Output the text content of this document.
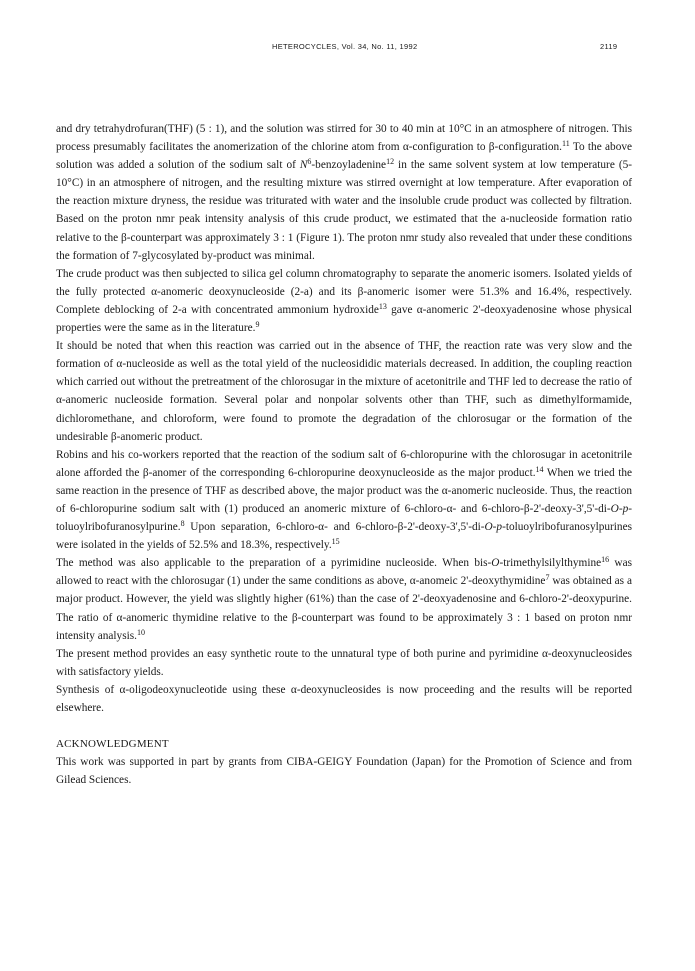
HETEROCYCLES, Vol. 34, No. 11, 1992	2119

and dry tetrahydrofuran(THF) (5 : 1), and the solution was stirred for 30 to 40 min at 10°C in an atmosphere of nitrogen. This process presumably facilitates the anomerization of the chlorine atom from α-configuration to β-configuration.$^{11}$ To the above solution was added a solution of the sodium salt of $N^6-benzoyladenine^{12}$ in the same solvent system at low temperature (5-10°C) in an atmosphere of nitrogen, and the resulting mixture was stirred overnight at low temperature. After evaporation of the reaction mixture dryness, the residue was triturated with water and the insoluble crude product was collected by filtration. Based on the proton nmr peak intensity analysis of this crude product, we estimated that the a-nucleoside formation ratio relative to the β-counterpart was approximately 3 : 1 (Figure 1). The proton nmr study also revealed that under these conditions the formation of 7-glycosylated by-product was minimal.

The crude product was then subjected to silica gel column chromatography to separate the anomeric isomers. Isolated yields of the fully protected α-anomeric deoxynucleoside (2-a) and its β-anomeric isomer were 51.3% and 16.4%, respectively. Complete deblocking of 2-a with concentrated ammonium hydroxide$^{13}$ gave α-anomeric 2'-deoxyadenosine whose physical properties were the same as in the literature.$^9$

It should be noted that when this reaction was carried out in the absence of THF, the reaction rate was very slow and the formation of α-nucleoside as well as the total yield of the nucleosididic materials decreased. In addition, the coupling reaction which carried out without the pretreatment of the chlorosugar in the mixture of acetonitrile and THF led to decrease the ratio of α-anomeric nucleoside formation. Several polar and nonpolar solvents other than THF, such as dimethylformamide, dichloromethane, and chloroform, were found to promote the degradation of the chlorosugar or the formation of the undesirable β-anomeric product.

Robins and his co-workers reported that the reaction of the sodium salt of 6-chloropurine with the chlorosugar in acetonitrile alone afforded the β-anomer of the corresponding 6-chloropurine deoxynucleoside as the major product.$^{14}$ When we tried the same reaction in the presence of THF as described above, the major product was the α-anomeric nucleoside. Thus, the reaction of 6-chloropurine sodium salt with (1) produced an anomeric mixture of 6-chloro-α- and 6-chloro-β-2'-deoxy-3',5'-di-O-p-toluoylribofuranosylpurine.$^8$ Upon separation, 6-chloro-α- and 6-chloro-β-2'-deoxy-3',5'-di-O-p-toluoylribofuranosylpurines were isolated in the yields of 52.5% and 18.3%, respectively.$^{15}$

The method was also applicable to the preparation of a pyrimidine nucleoside. When bis-O-trimethylsilylthymine$^{16}$ was allowed to react with the chlorosugar (1) under the same conditions as above, α-anomeic 2'-deoxythymidine$^7$ was obtained as a major product. However, the yield was slightly higher (61%) than the case of 2'-deoxyadenosine and 6-chloro-2'-deoxypurine. The ratio of α-anomeric thymidine relative to the β-counterpart was found to be approximately 3 : 1 based on proton nmr intensity analysis.$^{10}$

The present method provides an easy synthetic route to the unnatural type of both purine and pyrimidine α-deoxynucleosides with satisfactory yields.

Synthesis of α-oligodeoxynucleotide using these α-deoxynucleosides is now proceeding and the results will be reported elsewhere.

ACKNOWLEDGMENT

This work was supported in part by grants from CIBA-GEIGY Foundation (Japan) for the Promotion of Science and from Gilead Sciences.
